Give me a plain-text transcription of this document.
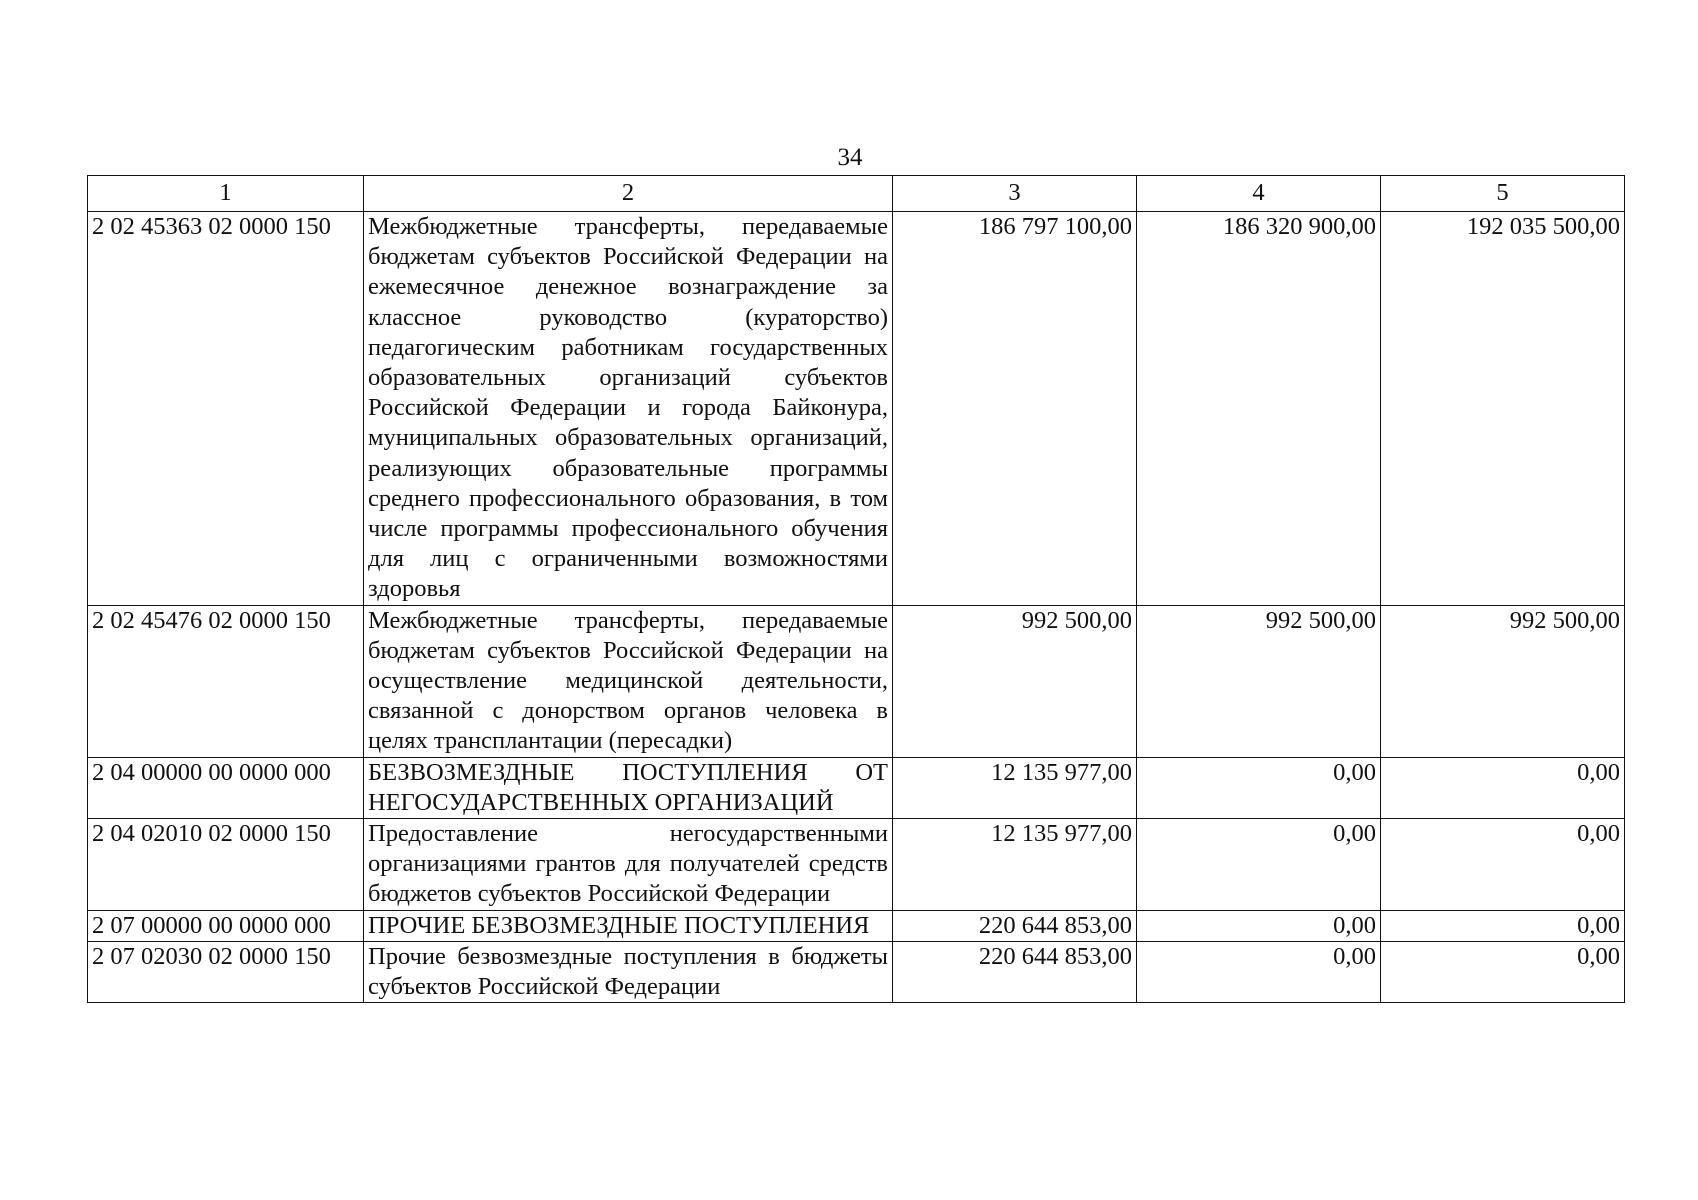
34
1	2	3	4	5
2 02 45363 02 0000 150	Межбюджетные трансферты, передаваемые бюджетам субъектов Российской Федерации на ежемесячное денежное вознаграждение за классное руководство (кураторство) педагогическим работникам государственных образовательных организаций субъектов Российской Федерации и города Байконура, муниципальных образовательных организаций, реализующих образовательные программы среднего профессионального образования, в том числе программы профессионального обучения для лиц с ограниченными возможностями здоровья	186 797 100,00	186 320 900,00	192 035 500,00
2 02 45476 02 0000 150	Межбюджетные трансферты, передаваемые бюджетам субъектов Российской Федерации на осуществление медицинской деятельности, связанной с донорством органов человека в целях трансплантации (пересадки)	992 500,00	992 500,00	992 500,00
2 04 00000 00 0000 000	БЕЗВОЗМЕЗДНЫЕ ПОСТУПЛЕНИЯ ОТ НЕГОСУДАРСТВЕННЫХ ОРГАНИЗАЦИЙ	12 135 977,00	0,00	0,00
2 04 02010 02 0000 150	Предоставление негосударственными организациями грантов для получателей средств бюджетов субъектов Российской Федерации	12 135 977,00	0,00	0,00
2 07 00000 00 0000 000	ПРОЧИЕ БЕЗВОЗМЕЗДНЫЕ ПОСТУПЛЕНИЯ	220 644 853,00	0,00	0,00
2 07 02030 02 0000 150	Прочие безвозмездные поступления в бюджеты субъектов Российской Федерации	220 644 853,00	0,00	0,00
